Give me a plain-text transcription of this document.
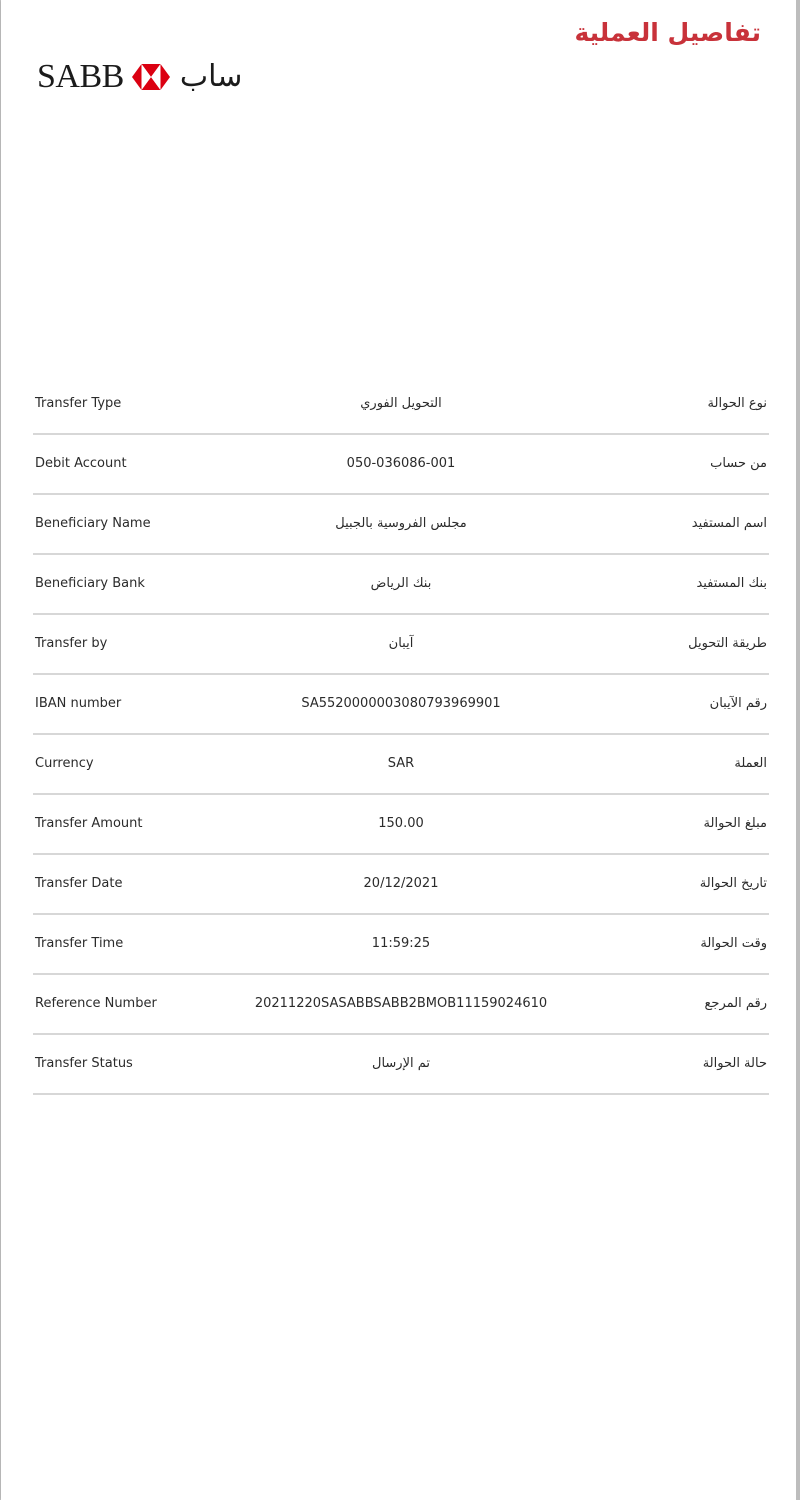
تفاصيل العملية
SABB ساب
Transfer Type	التحويل الفوري	نوع الحوالة
Debit Account	050-036086-001	من حساب
Beneficiary Name	مجلس الفروسية بالجبيل	اسم المستفيد
Beneficiary Bank	بنك الرياض	بنك المستفيد
Transfer by	آيبان	طريقة التحويل
IBAN number	SA5520000003080793969901	رقم الآيبان
Currency	SAR	العملة
Transfer Amount	150.00	مبلغ الحوالة
Transfer Date	20/12/2021	تاريخ الحوالة
Transfer Time	11:59:25	وقت الحوالة
Reference Number	20211220SASABBSABB2BMOB11159024610	رقم المرجع
Transfer Status	تم الإرسال	حالة الحوالة
